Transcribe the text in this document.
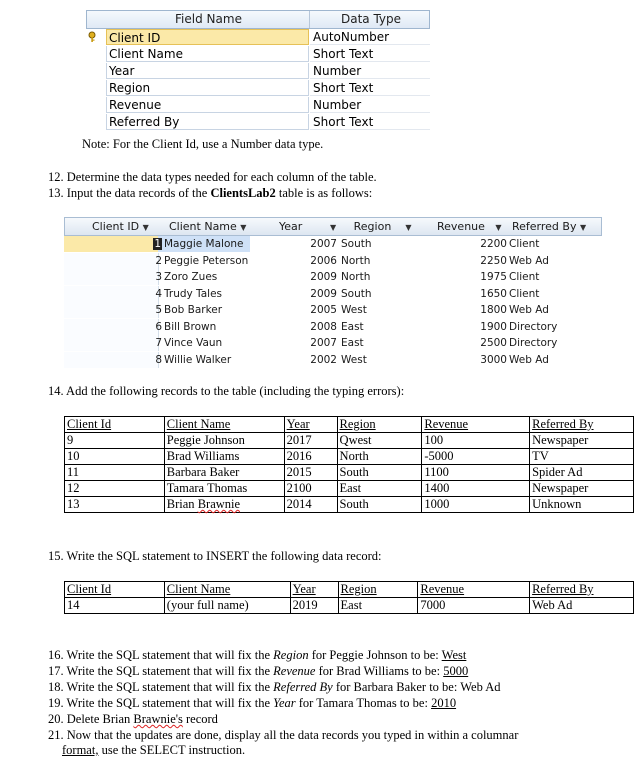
Field Name	Data Type
Client ID	AutoNumber
Client Name	Short Text
Year	Number
Region	Short Text
Revenue	Number
Referred By	Short Text
Note: For the Client Id, use a Number data type.
12. Determine the data types needed for each column of the table.
13. Input the data records of the ClientsLab2 table is as follows:
Client ID ▼ Client Name ▼	Year	▼ Region ▼ Revenue ▼ Referred By ▼
1 Maggie Malone	2007 South	2200 Client
2 Peggie Peterson	2006 North	2250 Web Ad
3 Zoro Zues	2009 North	1975 Client
4 Trudy Tales	2009 South	1650 Client
5 Bob Barker	2005 West	1800 Web Ad
6 Bill Brown	2008 East	1900 Directory
7 Vince Vaun	2007 East	2500 Directory
8 Willie Walker	2002 West	3000 Web Ad
14. Add the following records to the table (including the typing errors):
Client Id	Client Name	Year	Region	Revenue	Referred By
9	Peggie Johnson	2017	Qwest	100	Newspaper
10	Brad Williams	2016	North	-5000	TV
11	Barbara Baker	2015	South	1100	Spider Ad
12	Tamara Thomas	2100	East	1400	Newspaper
13	Brian Brawnie	2014	South	1000	Unknown
15. Write the SQL statement to INSERT the following data record:
Client Id	Client Name	Year	Region	Revenue	Referred By
14	(your full name)	2019	East	7000	Web Ad
16. Write the SQL statement that will fix the Region for Peggie Johnson to be: West
17. Write the SQL statement that will fix the Revenue for Brad Williams to be: 5000
18. Write the SQL statement that will fix the Referred By for Barbara Baker to be: Web Ad
19. Write the SQL statement that will fix the Year for Tamara Thomas to be: 2010
20. Delete Brian Brawnie's record
21. Now that the updates are done, display all the data records you typed in within a columnar
format, use the SELECT instruction.
